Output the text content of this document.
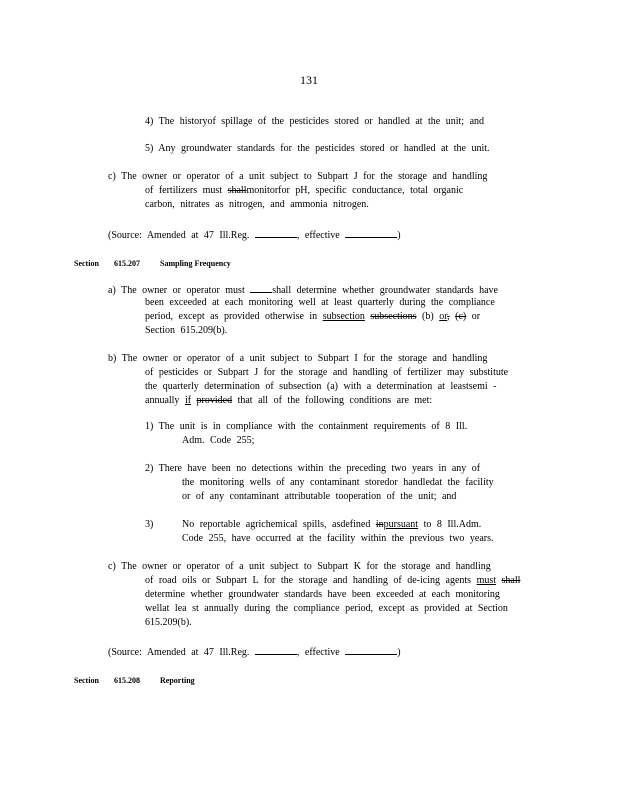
131
4) The historyof spillage of the pesticides stored or handled at the unit; and
5) Any groundwater standards for the pesticides stored or handled at the unit.
c) The owner or operator of a unit subject to Subpart J for the storage and handling
of fertilizers must shallmonitorfor pH, specific conductance, total organic
carbon, nitrates as nitrogen, and ammonia nitrogen.
(Source: Amended at 47 Ill.Reg.	, effective	)
Section 615.207	Sampling Frequency
a) The owner or operator must	shall determine whether groundwater standards have
been exceeded at each monitoring well at least quarterly during the compliance
period, except as provided otherwise in subsection subsections (b) or, (c) or
Section 615.209(b).
b) The owner or operator of a unit subject to Subpart I for the storage and handling
of pesticides or Subpart J for the storage and handling of fertilizer may substitute
the quarterly determination of subsection (a) with a determination at leastsemi -
annually if provided that all of the following conditions are met:
1) The unit is in compliance with the containment requirements of 8 Ill.
Adm. Code 255;
2) There have been no detections within the preceding two years in any of
the monitoring wells of any contaminant storedor handledat the facility
or of any contaminant attributable tooperation of the unit; and
3)	No reportable agrichemical spills, asdefined inpursuant to 8 Ill.Adm.
Code 255, have occurred at the facility within the previous two years.
c) The owner or operator of a unit subject to Subpart K for the storage and handling
of road oils or Subpart L for the storage and handling of de-icing agents must shall
determine whether groundwater standards have been exceeded at each monitoring
wellat lea st annually during the compliance period, except as provided at Section
615.209(b).
(Source: Amended at 47 Ill.Reg.	, effective	)
Section 615.208	Reporting
